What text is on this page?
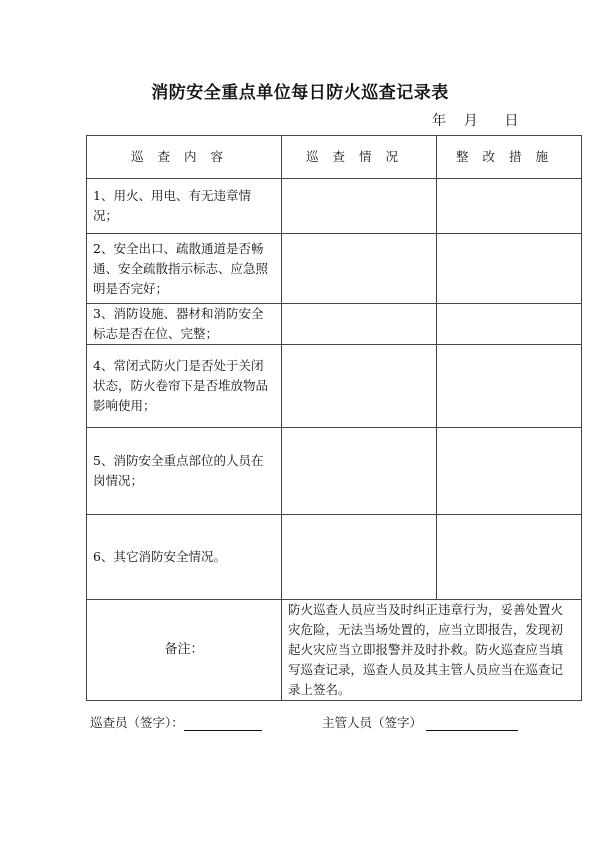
消防安全重点单位每日防火巡查记录表
年    月      日
巡查内容	巡查情况	整改措施
1、用火、用电、有无违章情况；		
2、安全出口、疏散通道是否畅通、安全疏散指示标志、应急照明是否完好；		
3、消防设施、器材和消防安全标志是否在位、完整；		
4、常闭式防火门是否处于关闭状态，防火卷帘下是否堆放物品影响使用；		
5、消防安全重点部位的人员在岗情况；		
6、其它消防安全情况。		
备注：	防火巡查人员应当及时纠正违章行为，妥善处置火灾危险，无法当场处置的，应当立即报告，发现初起火灾应当立即报警并及时扑救。防火巡查应当填写巡查记录，巡查人员及其主管人员应当在巡查记录上签名。	
巡查员（签字）：	主管人员（签字）
